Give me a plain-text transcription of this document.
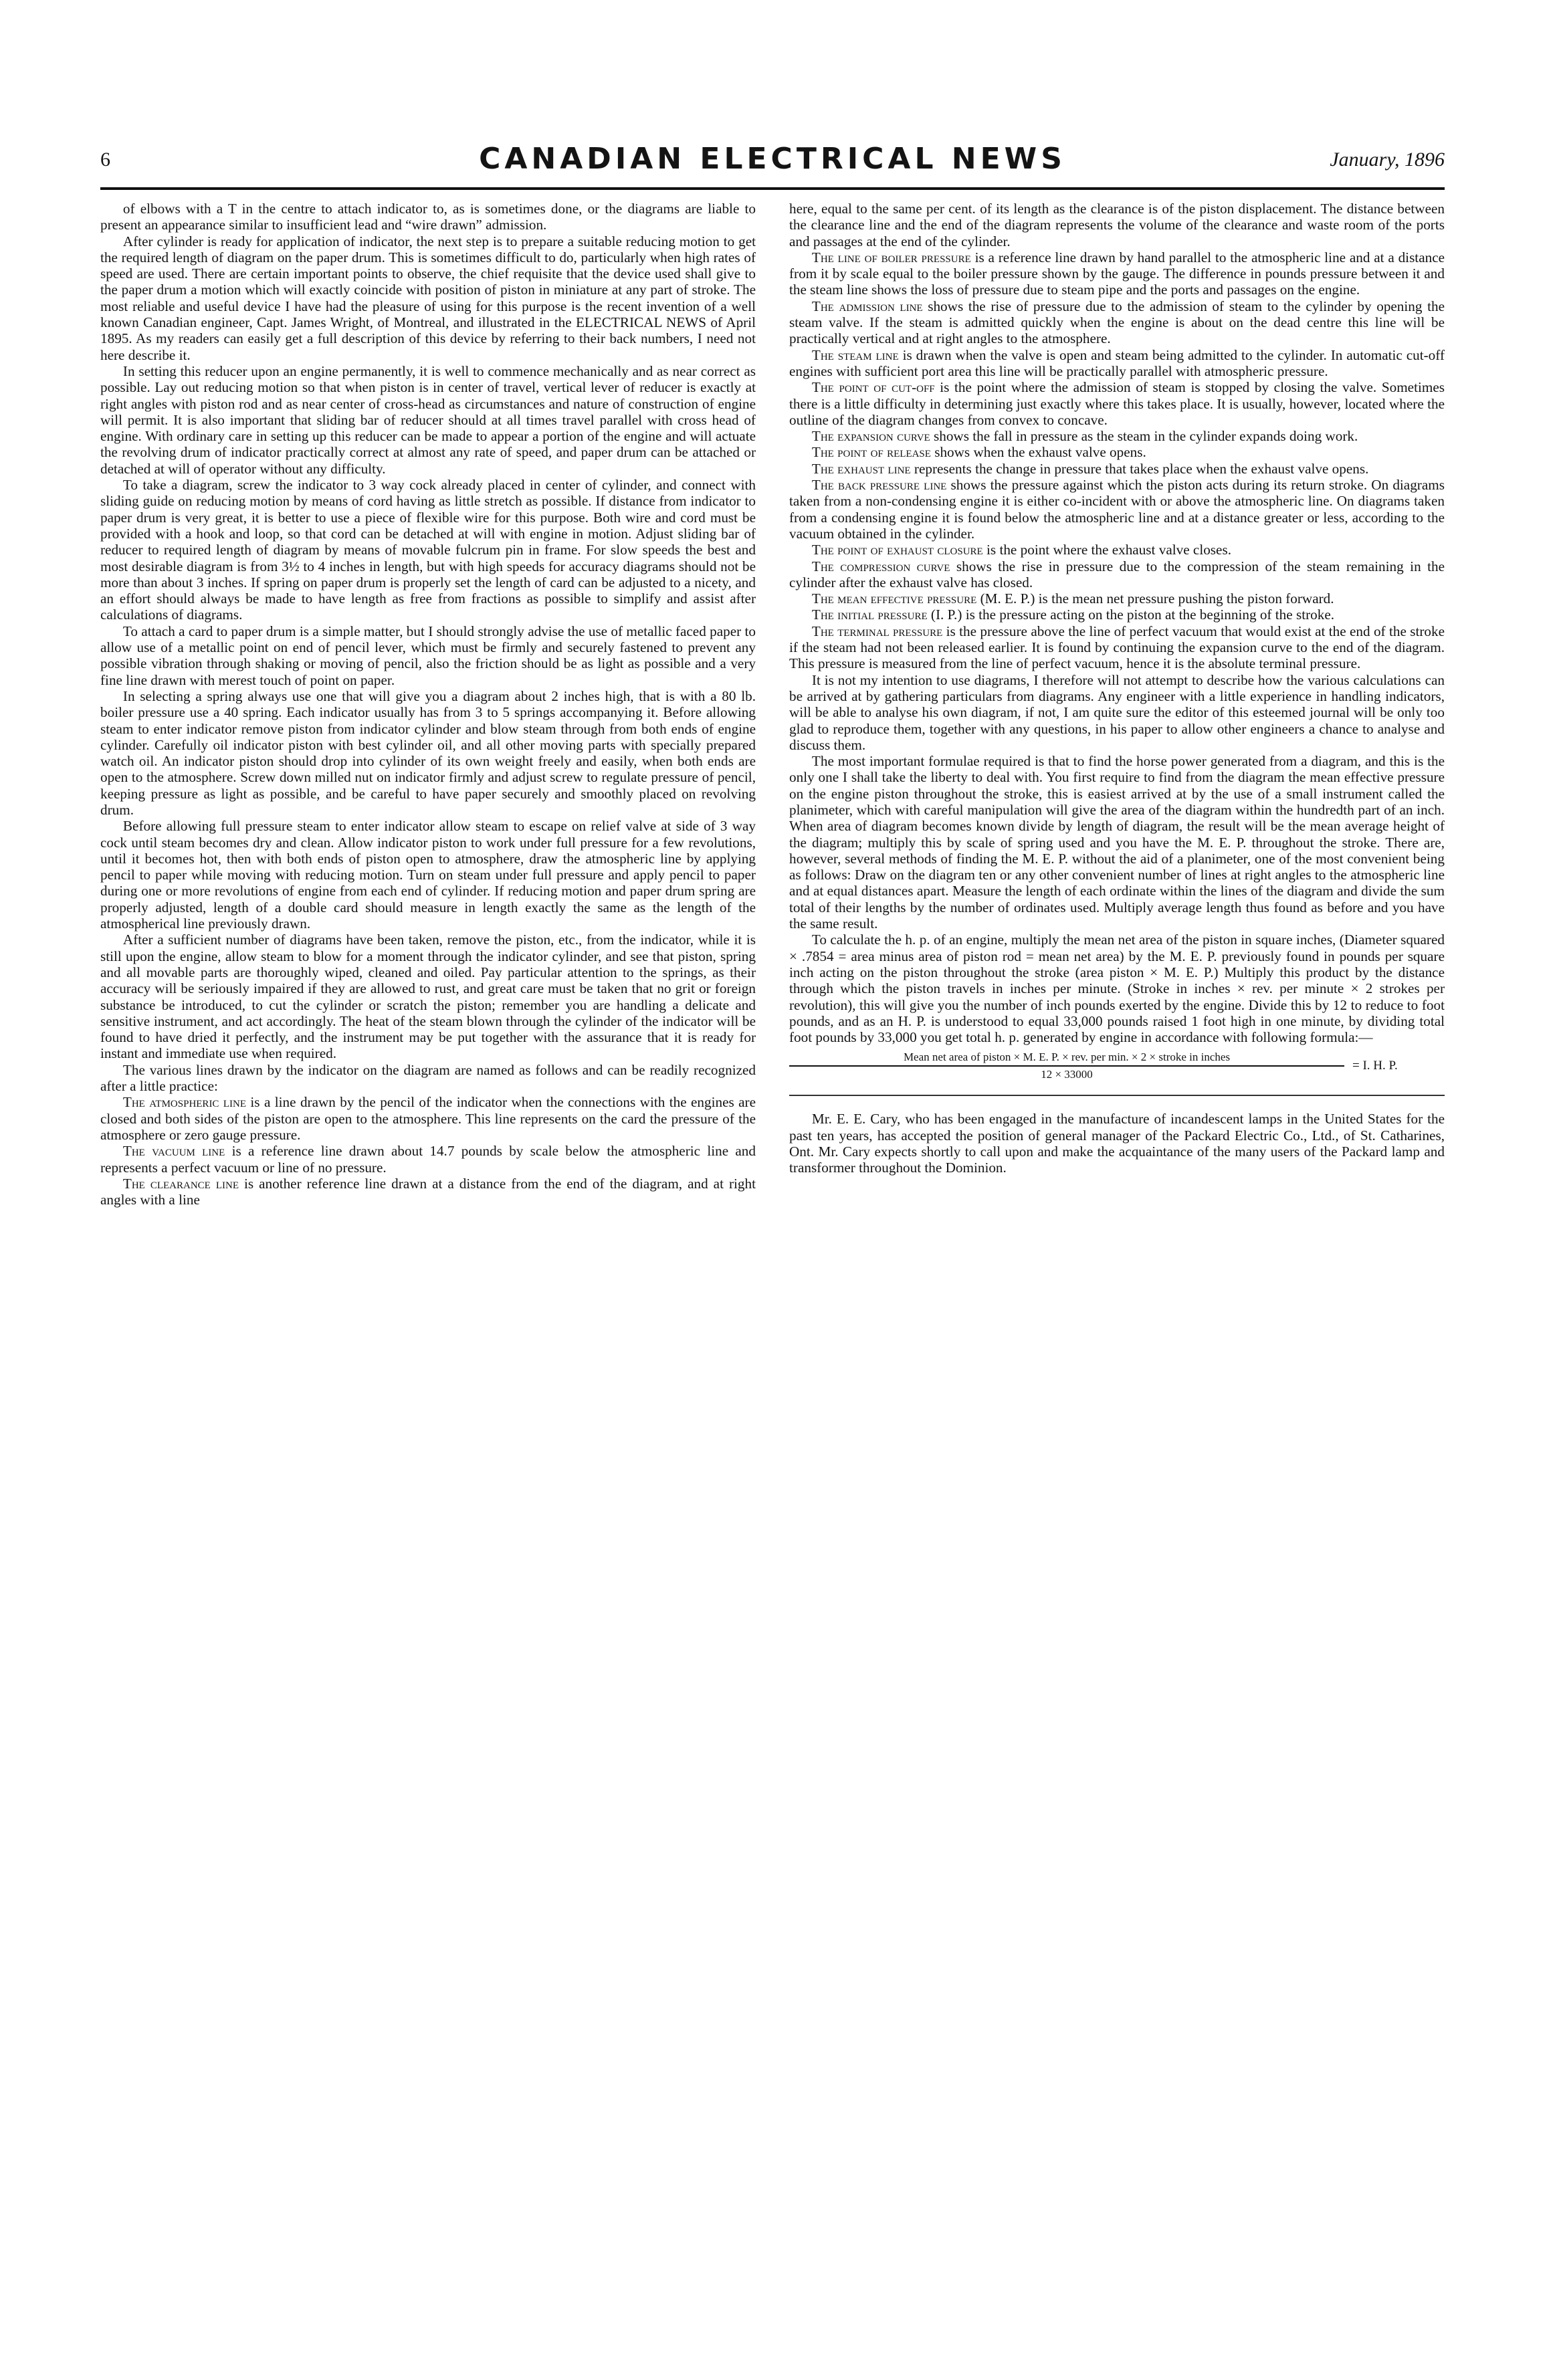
6	CANADIAN ELECTRICAL NEWS	January, 1896

of elbows with a T in the centre to attach indicator to, as is sometimes done, or the diagrams are liable to present an appearance similar to insufficient lead and “wire drawn” admission.

After cylinder is ready for application of indicator, the next step is to prepare a suitable reducing motion to get the required length of diagram on the paper drum. This is sometimes difficult to do, particularly when high rates of speed are used. There are certain important points to observe, the chief requisite that the device used shall give to the paper drum a motion which will exactly coincide with position of piston in miniature at any part of stroke. The most reliable and useful device I have had the pleasure of using for this purpose is the recent invention of a well known Canadian engineer, Capt. James Wright, of Montreal, and illustrated in the ELECTRICAL NEWS of April 1895. As my readers can easily get a full description of this device by referring to their back numbers, I need not here describe it.

In setting this reducer upon an engine permanently, it is well to commence mechanically and as near correct as possible. Lay out reducing motion so that when piston is in center of travel, vertical lever of reducer is exactly at right angles with piston rod and as near center of cross-head as circumstances and nature of construction of engine will permit. It is also important that sliding bar of reducer should at all times travel parallel with cross head of engine. With ordinary care in setting up this reducer can be made to appear a portion of the engine and will actuate the revolving drum of indicator practically correct at almost any rate of speed, and paper drum can be attached or detached at will of operator without any difficulty.

To take a diagram, screw the indicator to 3 way cock already placed in center of cylinder, and connect with sliding guide on reducing motion by means of cord having as little stretch as possible. If distance from indicator to paper drum is very great, it is better to use a piece of flexible wire for this purpose. Both wire and cord must be provided with a hook and loop, so that cord can be detached at will with engine in motion. Adjust sliding bar of reducer to required length of diagram by means of movable fulcrum pin in frame. For slow speeds the best and most desirable diagram is from 3½ to 4 inches in length, but with high speeds for accuracy diagrams should not be more than about 3 inches. If spring on paper drum is properly set the length of card can be adjusted to a nicety, and an effort should always be made to have length as free from fractions as possible to simplify and assist after calculations of diagrams.

To attach a card to paper drum is a simple matter, but I should strongly advise the use of metallic faced paper to allow use of a metallic point on end of pencil lever, which must be firmly and securely fastened to prevent any possible vibration through shaking or moving of pencil, also the friction should be as light as possible and a very fine line drawn with merest touch of point on paper.

In selecting a spring always use one that will give you a diagram about 2 inches high, that is with a 80 lb. boiler pressure use a 40 spring. Each indicator usually has from 3 to 5 springs accompanying it. Before allowing steam to enter indicator remove piston from indicator cylinder and blow steam through from both ends of engine cylinder. Carefully oil indicator piston with best cylinder oil, and all other moving parts with specially prepared watch oil. An indicator piston should drop into cylinder of its own weight freely and easily, when both ends are open to the atmosphere. Screw down milled nut on indicator firmly and adjust screw to regulate pressure of pencil, keeping pressure as light as possible, and be careful to have paper securely and smoothly placed on revolving drum.

Before allowing full pressure steam to enter indicator allow steam to escape on relief valve at side of 3 way cock until steam becomes dry and clean. Allow indicator piston to work under full pressure for a few revolutions, until it becomes hot, then with both ends of piston open to atmosphere, draw the atmospheric line by applying pencil to paper while moving with reducing motion. Turn on steam under full pressure and apply pencil to paper during one or more revolutions of engine from each end of cylinder. If reducing motion and paper drum spring are properly adjusted, length of a double card should measure in length exactly the same as the length of the atmospherical line previously drawn.

After a sufficient number of diagrams have been taken, remove the piston, etc., from the indicator, while it is still upon the engine, allow steam to blow for a moment through the indicator cylinder, and see that piston, spring and all movable parts are thoroughly wiped, cleaned and oiled. Pay particular attention to the springs, as their accuracy will be seriously impaired if they are allowed to rust, and great care must be taken that no grit or foreign substance be introduced, to cut the cylinder or scratch the piston; remember you are handling a delicate and sensitive instrument, and act accordingly. The heat of the steam blown through the cylinder of the indicator will be found to have dried it perfectly, and the instrument may be put together with the assurance that it is ready for instant and immediate use when required.

The various lines drawn by the indicator on the diagram are named as follows and can be readily recognized after a little practice:

The atmospheric line is a line drawn by the pencil of the indicator when the connections with the engines are closed and both sides of the piston are open to the atmosphere. This line represents on the card the pressure of the atmosphere or zero gauge pressure.

The vacuum line is a reference line drawn about 14.7 pounds by scale below the atmospheric line and represents a perfect vacuum or line of no pressure.

The clearance line is another reference line drawn at a distance from the end of the diagram, and at right angles with a line

here, equal to the same per cent. of its length as the clearance is of the piston displacement. The distance between the clearance line and the end of the diagram represents the volume of the clearance and waste room of the ports and passages at the end of the cylinder.

The line of boiler pressure is a reference line drawn by hand parallel to the atmospheric line and at a distance from it by scale equal to the boiler pressure shown by the gauge. The difference in pounds pressure between it and the steam line shows the loss of pressure due to steam pipe and the ports and passages on the engine.

The admission line shows the rise of pressure due to the admission of steam to the cylinder by opening the steam valve. If the steam is admitted quickly when the engine is about on the dead centre this line will be practically vertical and at right angles to the atmosphere.

The steam line is drawn when the valve is open and steam being admitted to the cylinder. In automatic cut-off engines with sufficient port area this line will be practically parallel with atmospheric pressure.

The point of cut-off is the point where the admission of steam is stopped by closing the valve. Sometimes there is a little difficulty in determining just exactly where this takes place. It is usually, however, located where the outline of the diagram changes from convex to concave.

The expansion curve shows the fall in pressure as the steam in the cylinder expands doing work.

The point of release shows when the exhaust valve opens.

The exhaust line represents the change in pressure that takes place when the exhaust valve opens.

The back pressure line shows the pressure against which the piston acts during its return stroke. On diagrams taken from a non-condensing engine it is either co-incident with or above the atmospheric line. On diagrams taken from a condensing engine it is found below the atmospheric line and at a distance greater or less, according to the vacuum obtained in the cylinder.

The point of exhaust closure is the point where the exhaust valve closes.

The compression curve shows the rise in pressure due to the compression of the steam remaining in the cylinder after the exhaust valve has closed.

The mean effective pressure (M. E. P.) is the mean net pressure pushing the piston forward.

The initial pressure (I. P.) is the pressure acting on the piston at the beginning of the stroke.

The terminal pressure is the pressure above the line of perfect vacuum that would exist at the end of the stroke if the steam had not been released earlier. It is found by continuing the expansion curve to the end of the diagram. This pressure is measured from the line of perfect vacuum, hence it is the absolute terminal pressure.

It is not my intention to use diagrams, I therefore will not attempt to describe how the various calculations can be arrived at by gathering particulars from diagrams. Any engineer with a little experience in handling indicators, will be able to analyse his own diagram, if not, I am quite sure the editor of this esteemed journal will be only too glad to reproduce them, together with any questions, in his paper to allow other engineers a chance to analyse and discuss them.

The most important formulae required is that to find the horse power generated from a diagram, and this is the only one I shall take the liberty to deal with. You first require to find from the diagram the mean effective pressure on the engine piston throughout the stroke, this is easiest arrived at by the use of a small instrument called the planimeter, which with careful manipulation will give the area of the diagram within the hundredth part of an inch. When area of diagram becomes known divide by length of diagram, the result will be the mean average height of the diagram; multiply this by scale of spring used and you have the M. E. P. throughout the stroke. There are, however, several methods of finding the M. E. P. without the aid of a planimeter, one of the most convenient being as follows: Draw on the diagram ten or any other convenient number of lines at right angles to the atmospheric line and at equal distances apart. Measure the length of each ordinate within the lines of the diagram and divide the sum total of their lengths by the number of ordinates used. Multiply average length thus found as before and you have the same result.

To calculate the h. p. of an engine, multiply the mean net area of the piston in square inches, (Diameter squared × .7854 = area minus area of piston rod = mean net area) by the M. E. P. previously found in pounds per square inch acting on the piston throughout the stroke (area piston × M. E. P.) Multiply this product by the distance through which the piston travels in inches per minute. (Stroke in inches × rev. per minute × 2 strokes per revolution), this will give you the number of inch pounds exerted by the engine. Divide this by 12 to reduce to foot pounds, and as an H. P. is understood to equal 33,000 pounds raised 1 foot high in one minute, by dividing total foot pounds by 33,000 you get total h. p. generated by engine in accordance with following formula:—

Mean net area of piston × M. E. P. × rev. per min. × 2 × stroke in inches
12 × 33000
= I. H. P.

Mr. E. E. Cary, who has been engaged in the manufacture of incandescent lamps in the United States for the past ten years, has accepted the position of general manager of the Packard Electric Co., Ltd., of St. Catharines, Ont. Mr. Cary expects shortly to call upon and make the acquaintance of the many users of the Packard lamp and transformer throughout the Dominion.
